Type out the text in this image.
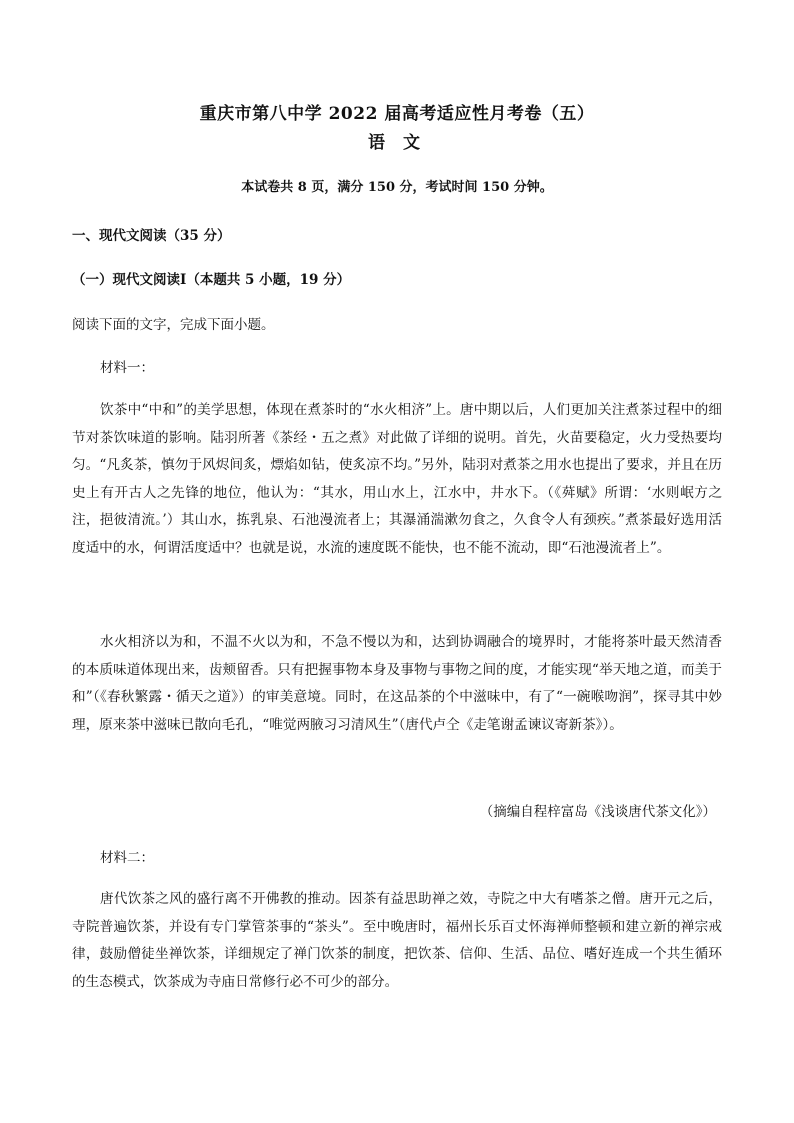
重庆市第八中学 2022 届高考适应性月考卷（五）
语 文
本试卷共 8 页，满分 150 分，考试时间 150 分钟。
一、现代文阅读（35 分）
（一）现代文阅读Ⅰ（本题共 5 小题，19 分）
阅读下面的文字，完成下面小题。
材料一：

饮茶中“中和”的美学思想，体现在煮茶时的“水火相济”上。唐中期以后，人们更加关注煮茶过程中的细节对茶饮味道的影响。陆羽所著《茶经・五之煮》对此做了详细的说明。首先，火苗要稳定，火力受热要均匀。“凡炙茶，慎勿于风烬间炙，熛焰如钻，使炙凉不均。”另外，陆羽对煮茶之用水也提出了要求，并且在历史上有开古人之先锋的地位，他认为：“其水，用山水上，江水中，井水下。（《荈赋》所谓：‘水则岷方之注，挹彼清流。’）其山水，拣乳泉、石池漫流者上；其瀑涌湍漱勿食之，久食令人有颈疾。”煮茶最好选用活度适中的水，何谓活度适中？也就是说，水流的速度既不能快，也不能不流动，即“石池漫流者上”。

水火相济以为和，不温不火以为和，不急不慢以为和，达到协调融合的境界时，才能将茶叶最天然清香的本质味道体现出来，齿颊留香。只有把握事物本身及事物与事物之间的度，才能实现“举天地之道，而美于和”（《春秋繁露・循天之道》）的审美意境。同时，在这品茶的个中滋味中，有了“一碗喉吻润”，探寻其中妙理，原来茶中滋味已散向毛孔，“唯觉两腋习习清风生”（唐代卢仝《走笔谢孟谏议寄新茶》）。

（摘编自程梓富岛《浅谈唐代茶文化》）
材料二：

唐代饮茶之风的盛行离不开佛教的推动。因茶有益思助禅之效，寺院之中大有嗜茶之僧。唐开元之后，寺院普遍饮茶，并设有专门掌管茶事的“茶头”。至中晚唐时，福州长乐百丈怀海禅师整顿和建立新的禅宗戒律，鼓励僧徒坐禅饮茶，详细规定了禅门饮茶的制度，把饮茶、信仰、生活、品位、嗜好连成一个共生循环的生态模式，饮茶成为寺庙日常修行必不可少的部分。
